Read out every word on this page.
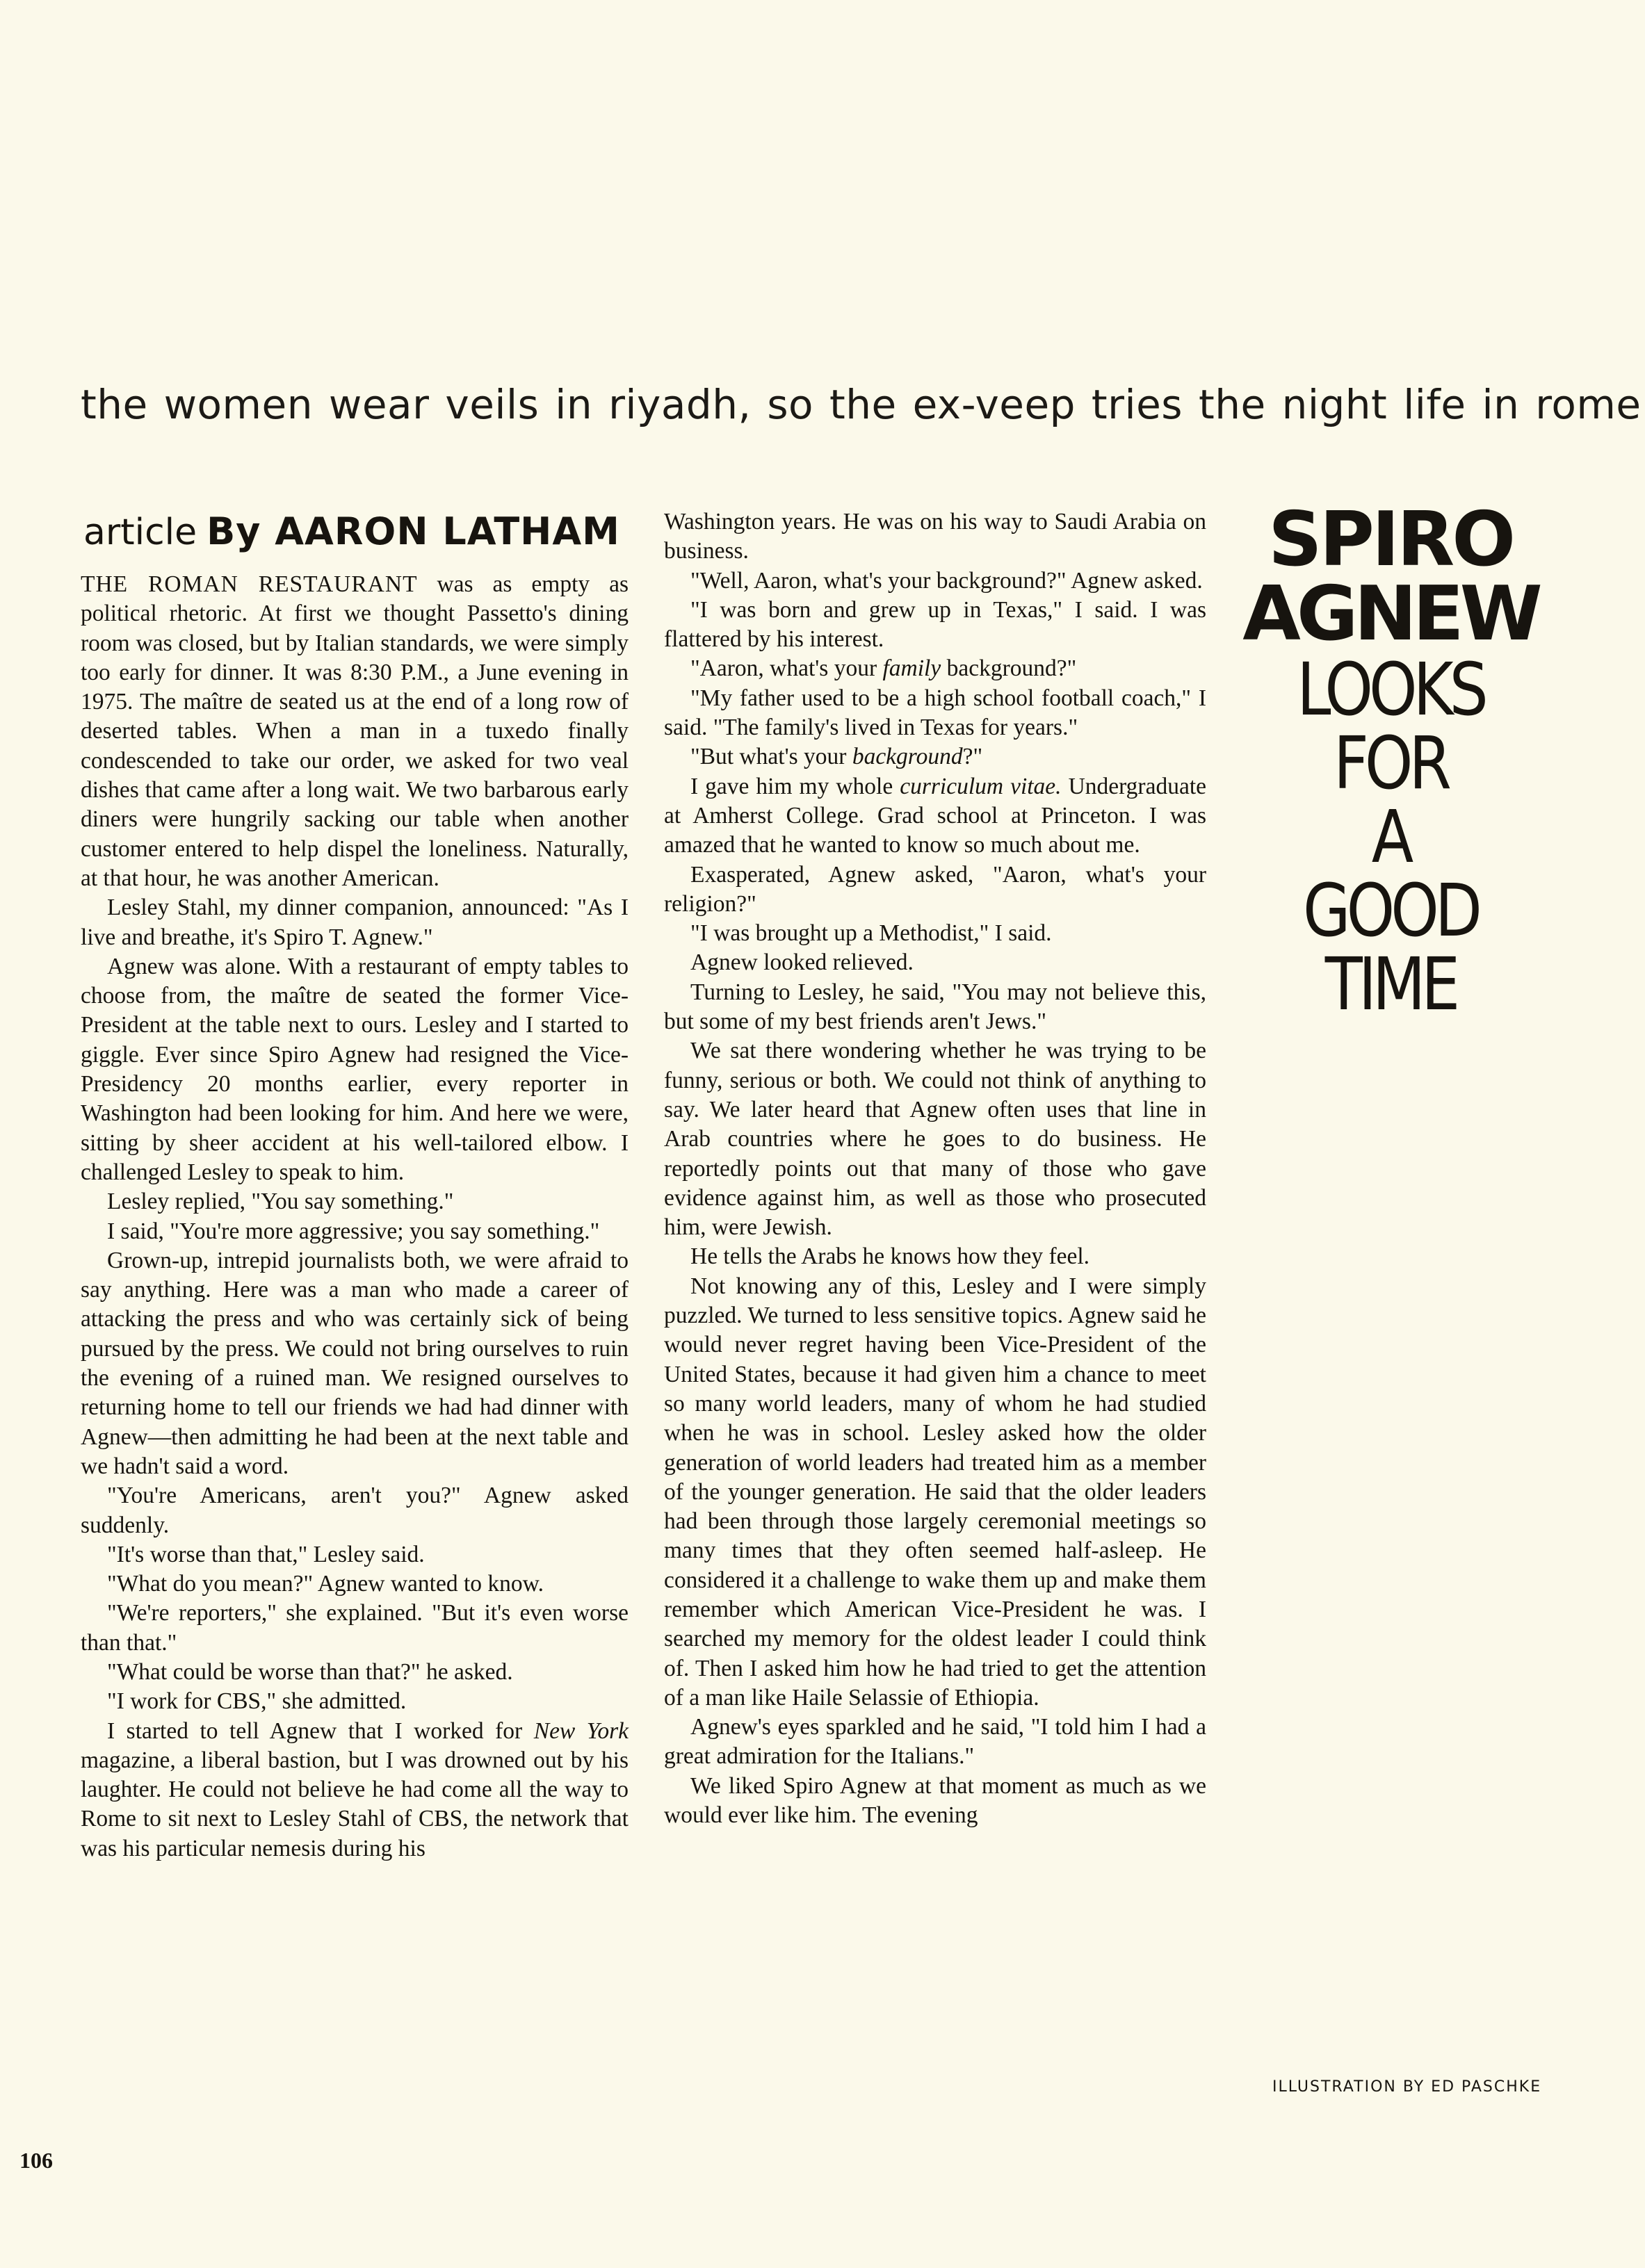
the women wear veils in riyadh, so the ex-veep tries the night life in rome
article By AARON LATHAM

THE ROMAN RESTAURANT was as empty as political rhetoric. At first we thought Passetto's dining room was closed, but by Italian standards, we were simply too early for dinner. It was 8:30 P.M., a June evening in 1975. The maître de seated us at the end of a long row of deserted tables. When a man in a tuxedo finally condescended to take our order, we asked for two veal dishes that came after a long wait. We two barbarous early diners were hungrily sacking our table when another customer entered to help dispel the loneliness. Naturally, at that hour, he was another American.

Lesley Stahl, my dinner companion, announced: "As I live and breathe, it's Spiro T. Agnew."

Agnew was alone. With a restaurant of empty tables to choose from, the maître de seated the former Vice-President at the table next to ours. Lesley and I started to giggle. Ever since Spiro Agnew had resigned the Vice-Presidency 20 months earlier, every reporter in Washington had been looking for him. And here we were, sitting by sheer accident at his well-tailored elbow. I challenged Lesley to speak to him.

Lesley replied, "You say something."

I said, "You're more aggressive; you say something."

Grown-up, intrepid journalists both, we were afraid to say anything. Here was a man who made a career of attacking the press and who was certainly sick of being pursued by the press. We could not bring ourselves to ruin the evening of a ruined man. We resigned ourselves to returning home to tell our friends we had had dinner with Agnew—then admitting he had been at the next table and we hadn't said a word.

"You're Americans, aren't you?" Agnew asked suddenly.

"It's worse than that," Lesley said.

"What do you mean?" Agnew wanted to know.

"We're reporters," she explained. "But it's even worse than that."

"What could be worse than that?" he asked.

"I work for CBS," she admitted.

I started to tell Agnew that I worked for New York magazine, a liberal bastion, but I was drowned out by his laughter. He could not believe he had come all the way to Rome to sit next to Lesley Stahl of CBS, the network that was his particular nemesis during his

Washington years. He was on his way to Saudi Arabia on business.

"Well, Aaron, what's your background?" Agnew asked.

"I was born and grew up in Texas," I said. I was flattered by his interest.

"Aaron, what's your family background?"

"My father used to be a high school football coach," I said. "The family's lived in Texas for years."

"But what's your background?"

I gave him my whole curriculum vitae. Undergraduate at Amherst College. Grad school at Princeton. I was amazed that he wanted to know so much about me.

Exasperated, Agnew asked, "Aaron, what's your religion?"

"I was brought up a Methodist," I said.

Agnew looked relieved.

Turning to Lesley, he said, "You may not believe this, but some of my best friends aren't Jews."

We sat there wondering whether he was trying to be funny, serious or both. We could not think of anything to say. We later heard that Agnew often uses that line in Arab countries where he goes to do business. He reportedly points out that many of those who gave evidence against him, as well as those who prosecuted him, were Jewish.

He tells the Arabs he knows how they feel.

Not knowing any of this, Lesley and I were simply puzzled. We turned to less sensitive topics. Agnew said he would never regret having been Vice-President of the United States, because it had given him a chance to meet so many world leaders, many of whom he had studied when he was in school. Lesley asked how the older generation of world leaders had treated him as a member of the younger generation. He said that the older leaders had been through those largely ceremonial meetings so many times that they often seemed half-asleep. He considered it a challenge to wake them up and make them remember which American Vice-President he was. I searched my memory for the oldest leader I could think of. Then I asked him how he had tried to get the attention of a man like Haile Selassie of Ethiopia.

Agnew's eyes sparkled and he said, "I told him I had a great admiration for the Italians."

We liked Spiro Agnew at that moment as much as we would ever like him. The evening

SPIRO
AGNEW
LOOKS
FOR
A
GOOD
TIME
ILLUSTRATION BY ED PASCHKE
106
